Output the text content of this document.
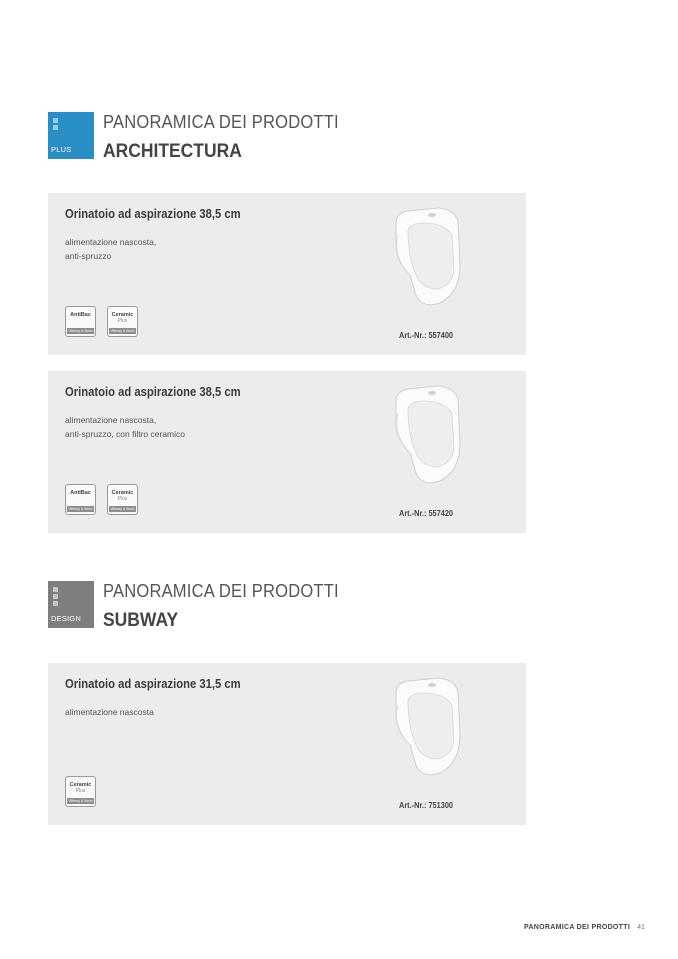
PLUS
PANORAMICA DEI PRODOTTI
ARCHITECTURA
Orinatoio ad aspirazione 38,5 cm
alimentazione nascosta,
anti-spruzzo
AntiBac
Villeroy & Boch
Ceramic
Plus
Villeroy & Boch	Art.-Nr.: 557400
Orinatoio ad aspirazione 38,5 cm
alimentazione nascosta,
anti-spruzzo, con filtro ceramico
AntiBac
Villeroy & Boch
Ceramic
Plus
Villeroy & Boch	Art.-Nr.: 557420
DESIGN
PANORAMICA DEI PRODOTTI
SUBWAY
Orinatoio ad aspirazione 31,5 cm
alimentazione nascosta
Ceramic
Plus
Villeroy & Boch	Art.-Nr.: 751300
PANORAMICA DEI PRODOTTI 41
